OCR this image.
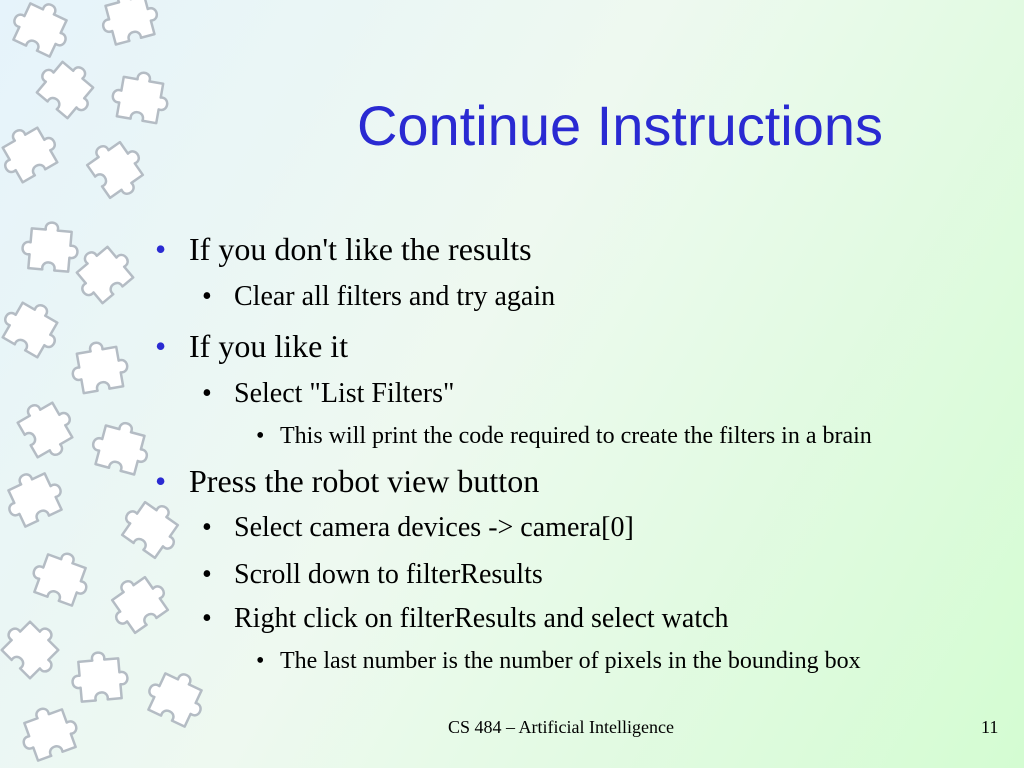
Continue Instructions
• If you don't like the results
• Clear all filters and try again
• If you like it
• Select "List Filters"
• This will print the code required to create the filters in a brain
• Press the robot view button
• Select camera devices -> camera[0]
• Scroll down to filterResults
• Right click on filterResults and select watch
• The last number is the number of pixels in the bounding box
CS 484 – Artificial Intelligence	11
